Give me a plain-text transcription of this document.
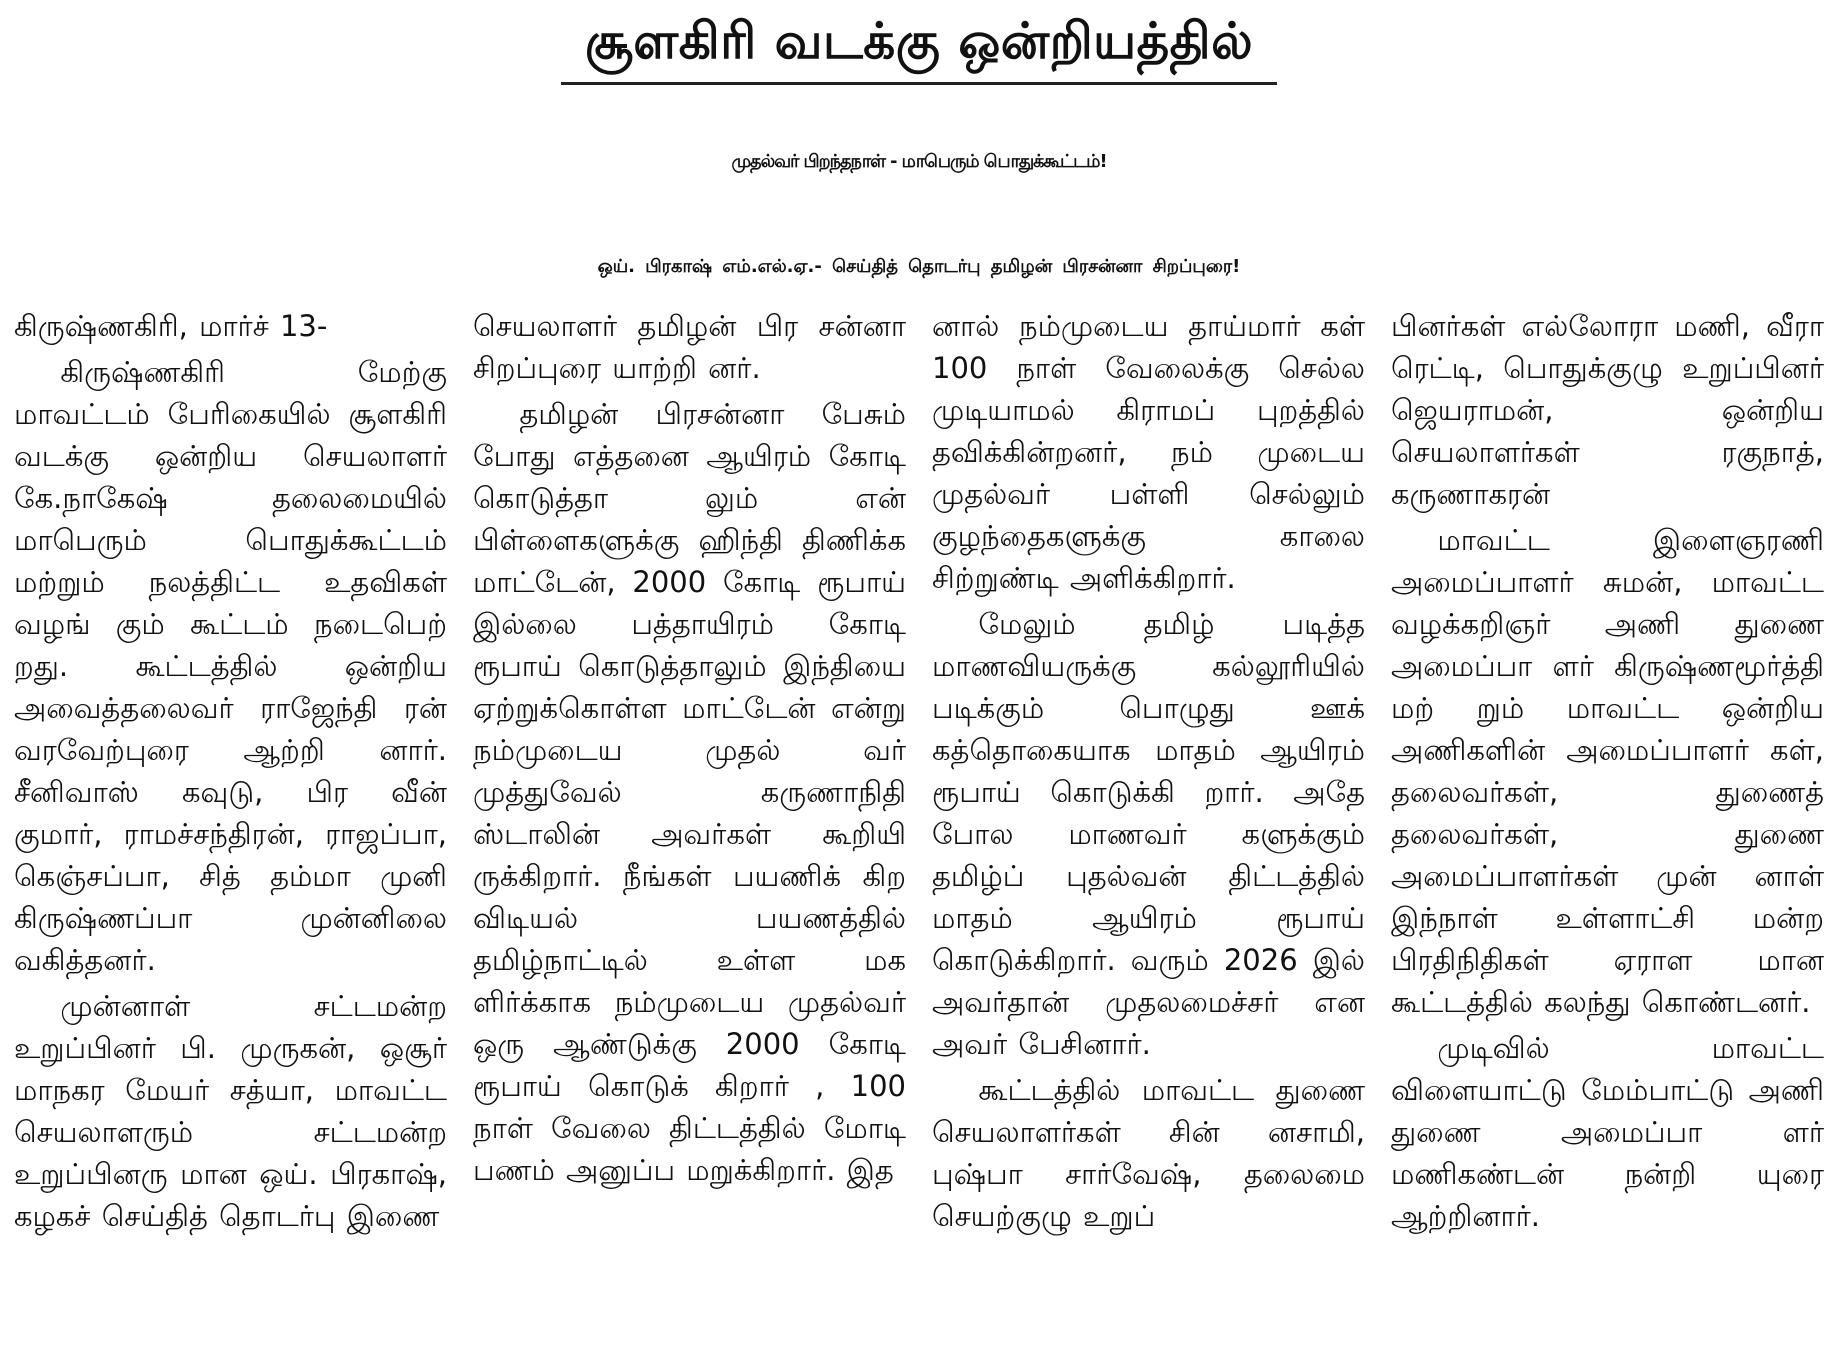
சூளகிரி வடக்கு ஒன்றியத்தில்
முதல்வர் பிறந்தநாள் - மாபெரும் பொதுக்கூட்டம்!
ஒய். பிரகாஷ் எம்.எல்.ஏ.- செய்தித் தொடர்பு தமிழன் பிரசன்னா சிறப்புரை!

கிருஷ்ணகிரி, மார்ச் 13-

கிருஷ்ணகிரி மேற்கு மாவட்டம் பேரிகையில் சூளகிரி வடக்கு ஒன்றிய செயலாளர் கே.நாகேஷ் தலைமையில் மாபெரும் பொதுக்கூட்டம் மற்றும் நலத்திட்ட உதவிகள் வழங் கும் கூட்டம் நடைபெற் றது. கூட்டத்தில் ஒன்றிய அவைத்தலைவர் ராஜேந்தி ரன் வரவேற்புரை ஆற்றி னார். சீனிவாஸ் கவுடு, பிர வீன் குமார், ராமச்சந்திரன், ராஜப்பா, கெஞ்சப்பா, சித் தம்மா முனி கிருஷ்ணப்பா முன்னிலை வகித்தனர்.

முன்னாள் சட்டமன்ற உறுப்பினர் பி. முருகன், ஒசூர் மாநகர மேயர் சத்யா, மாவட்ட செயலாளரும் சட்டமன்ற உறுப்பினரு மான ஒய். பிரகாஷ், கழகச் செய்தித் தொடர்பு இணை

செயலாளர் தமிழன் பிர சன்னா சிறப்புரை யாற்றி னர்.

தமிழன் பிரசன்னா பேசும் போது எத்தனை ஆயிரம் கோடி கொடுத்தா லும் என் பிள்ளைகளுக்கு ஹிந்தி திணிக்க மாட்டேன், 2000 கோடி ரூபாய் இல்லை பத்தாயிரம் கோடி ரூபாய் கொடுத்தாலும் இந்தியை ஏற்றுக்கொள்ள மாட்டேன் என்று நம்முடைய முதல் வர் முத்துவேல் கருணாநிதி ஸ்டாலின் அவர்கள் கூறியி ருக்கிறார். நீங்கள் பயணிக் கிற விடியல் பயணத்தில் தமிழ்நாட்டில் உள்ள மக ளிர்க்காக நம்முடைய முதல்வர் ஒரு ஆண்டுக்கு 2000 கோடி ரூபாய் கொடுக் கிறார் , 100 நாள் வேலை திட்டத்தில் மோடி பணம் அனுப்ப மறுக்கிறார். இத

னால் நம்முடைய தாய்மார் கள் 100 நாள் வேலைக்கு செல்ல முடியாமல் கிராமப் புறத்தில் தவிக்கின்றனர், நம் முடைய முதல்வர் பள்ளி செல்லும் குழந்தைகளுக்கு காலை சிற்றுண்டி அளிக்கிறார்.

மேலும் தமிழ் படித்த மாணவியருக்கு கல்லூரியில் படிக்கும் பொழுது ஊக் கத்தொகையாக மாதம் ஆயிரம் ரூபாய் கொடுக்கி றார். அதே போல மாணவர் களுக்கும் தமிழ்ப் புதல்வன் திட்டத்தில் மாதம் ஆயிரம் ரூபாய் கொடுக்கிறார். வரும் 2026 இல் அவர்தான் முதலமைச்சர் என அவர் பேசினார்.

கூட்டத்தில் மாவட்ட துணை செயலாளர்கள் சின் னசாமி, புஷ்பா சார்வேஷ், தலைமை செயற்குழு உறுப்

பினர்கள் எல்லோரா மணி, வீரா ரெட்டி, பொதுக்குழு உறுப்பினர் ஜெயராமன், ஒன்றிய செயலாளர்கள் ரகுநாத், கருணாகரன்

மாவட்ட இளைஞரணி அமைப்பாளர் சுமன், மாவட்ட வழக்கறிஞர் அணி துணை அமைப்பா ளர் கிருஷ்ணமூர்த்தி மற் றும் மாவட்ட ஒன்றிய அணிகளின் அமைப்பாளர் கள், தலைவர்கள், துணைத் தலைவர்கள், துணை அமைப்பாளர்கள் முன் னாள் இந்நாள் உள்ளாட்சி மன்ற பிரதிநிதிகள் ஏராள மான கூட்டத்தில் கலந்து கொண்டனர்.

முடிவில் மாவட்ட விளையாட்டு மேம்பாட்டு அணி துணை அமைப்பா ளர் மணிகண்டன் நன்றி யுரை ஆற்றினார்.
